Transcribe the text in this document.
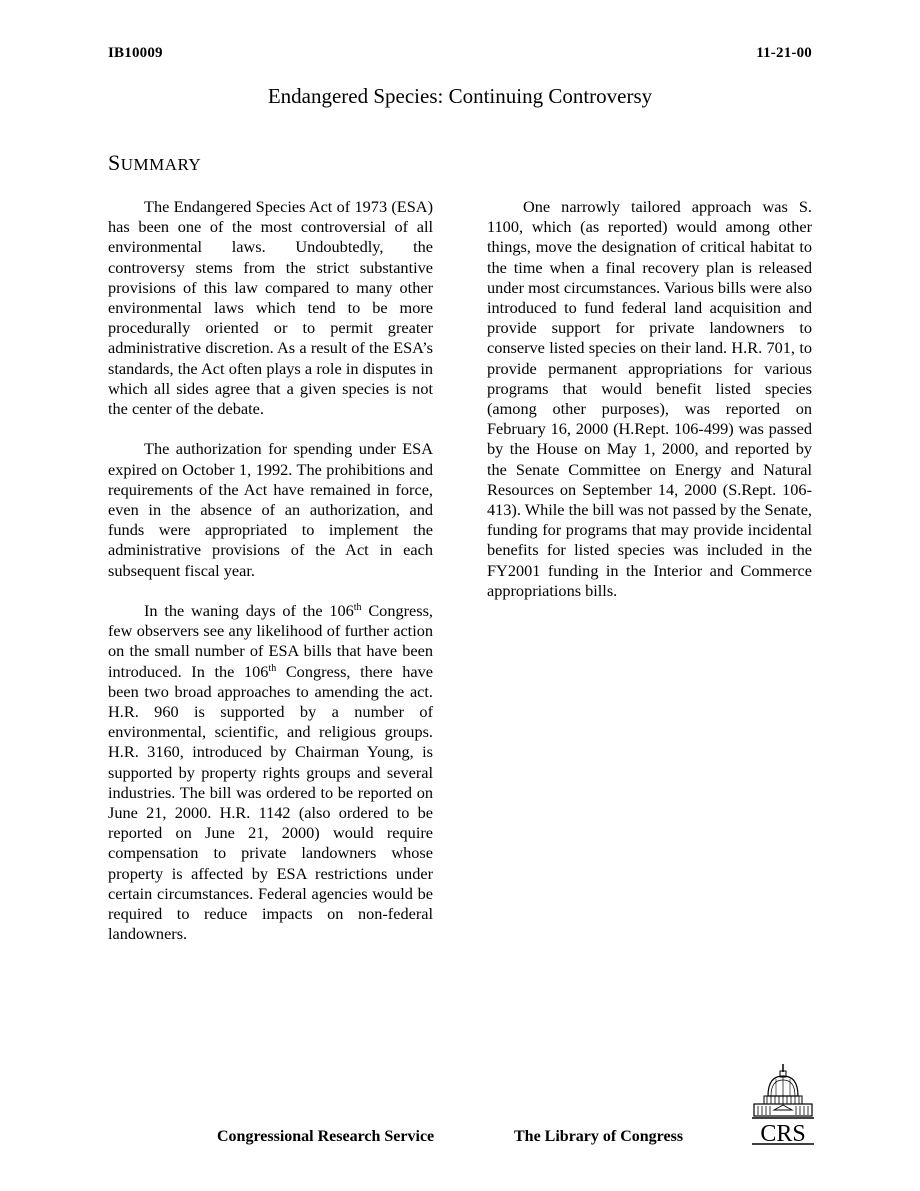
IB10009	11-21-00
Endangered Species: Continuing Controversy
SUMMARY

The Endangered Species Act of 1973 (ESA) has been one of the most controversial of all environmental laws. Undoubtedly, the controversy stems from the strict substantive provisions of this law compared to many other environmental laws which tend to be more procedurally oriented or to permit greater administrative discretion. As a result of the ESA’s standards, the Act often plays a role in disputes in which all sides agree that a given species is not the center of the debate.

The authorization for spending under ESA expired on October 1, 1992. The prohibitions and requirements of the Act have remained in force, even in the absence of an authorization, and funds were appropriated to implement the administrative provisions of the Act in each subsequent fiscal year.

In the waning days of the 106th Congress, few observers see any likelihood of further action on the small number of ESA bills that have been introduced. In the 106th Congress, there have been two broad approaches to amending the act. H.R. 960 is supported by a number of environmental, scientific, and religious groups. H.R. 3160, introduced by Chairman Young, is supported by property rights groups and several industries. The bill was ordered to be reported on June 21, 2000. H.R. 1142 (also ordered to be reported on June 21, 2000) would require compensation to private landowners whose property is affected by ESA restrictions under certain circumstances. Federal agencies would be required to reduce impacts on non-federal landowners.

One narrowly tailored approach was S. 1100, which (as reported) would among other things, move the designation of critical habitat to the time when a final recovery plan is released under most circumstances. Various bills were also introduced to fund federal land acquisition and provide support for private landowners to conserve listed species on their land. H.R. 701, to provide permanent appropriations for various programs that would benefit listed species (among other purposes), was reported on February 16, 2000 (H.Rept. 106-499) was passed by the House on May 1, 2000, and reported by the Senate Committee on Energy and Natural Resources on September 14, 2000 (S.Rept. 106-413). While the bill was not passed by the Senate, funding for programs that may provide incidental benefits for listed species was included in the FY2001 funding in the Interior and Commerce appropriations bills.

Congressional Research Service	The Library of Congress	CRS
